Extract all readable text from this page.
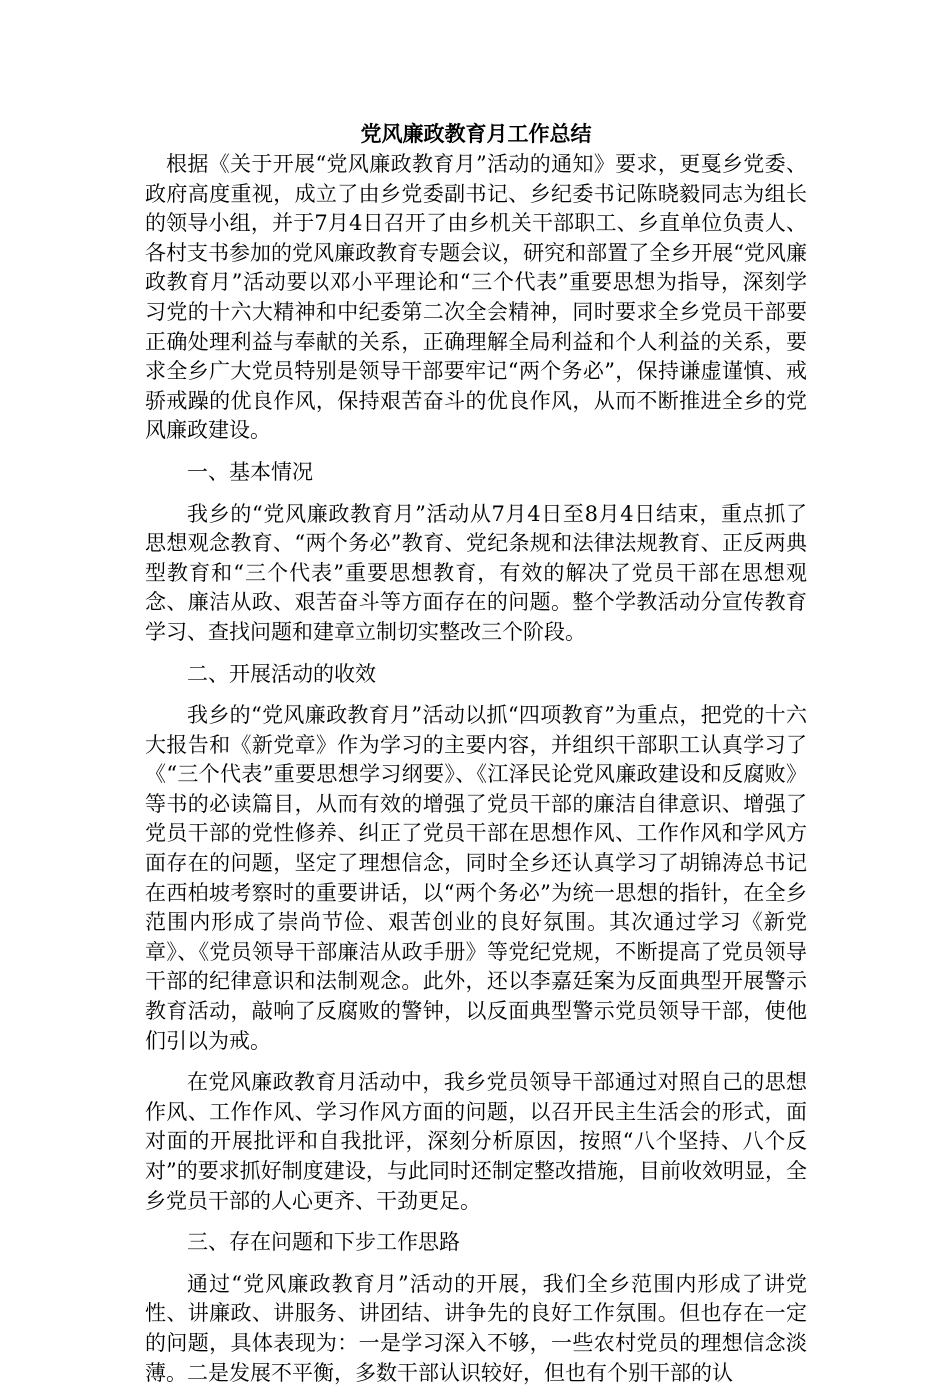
党风廉政教育月工作总结

根据《关于开展“党风廉政教育月”活动的通知》要求，更戛乡党委、政府高度重视，成立了由乡党委副书记、乡纪委书记陈晓毅同志为组长的领导小组，并于7月4日召开了由乡机关干部职工、乡直单位负责人、各村支书参加的党风廉政教育专题会议，研究和部置了全乡开展“党风廉政教育月”活动要以邓小平理论和“三个代表”重要思想为指导，深刻学习党的十六大精神和中纪委第二次全会精神，同时要求全乡党员干部要正确处理利益与奉献的关系，正确理解全局利益和个人利益的关系，要求全乡广大党员特别是领导干部要牢记“两个务必”，保持谦虚谨慎、戒骄戒躁的优良作风，保持艰苦奋斗的优良作风，从而不断推进全乡的党风廉政建设。

一、基本情况

我乡的“党风廉政教育月”活动从7月4日至8月4日结束，重点抓了思想观念教育、“两个务必”教育、党纪条规和法律法规教育、正反两典型教育和“三个代表”重要思想教育，有效的解决了党员干部在思想观念、廉洁从政、艰苦奋斗等方面存在的问题。整个学教活动分宣传教育学习、查找问题和建章立制切实整改三个阶段。

二、开展活动的收效

我乡的“党风廉政教育月”活动以抓“四项教育”为重点，把党的十六大报告和《新党章》作为学习的主要内容，并组织干部职工认真学习了《“三个代表”重要思想学习纲要》、《江泽民论党风廉政建设和反腐败》等书的必读篇目，从而有效的增强了党员干部的廉洁自律意识、增强了党员干部的党性修养、纠正了党员干部在思想作风、工作作风和学风方面存在的问题，坚定了理想信念，同时全乡还认真学习了胡锦涛总书记在西柏坡考察时的重要讲话，以“两个务必”为统一思想的指针，在全乡范围内形成了崇尚节俭、艰苦创业的良好氛围。其次通过学习《新党章》、《党员领导干部廉洁从政手册》等党纪党规，不断提高了党员领导干部的纪律意识和法制观念。此外，还以李嘉廷案为反面典型开展警示教育活动，敲响了反腐败的警钟，以反面典型警示党员领导干部，使他们引以为戒。

在党风廉政教育月活动中，我乡党员领导干部通过对照自己的思想作风、工作作风、学习作风方面的问题，以召开民主生活会的形式，面对面的开展批评和自我批评，深刻分析原因，按照“八个坚持、八个反对”的要求抓好制度建设，与此同时还制定整改措施，目前收效明显，全乡党员干部的人心更齐、干劲更足。

三、存在问题和下步工作思路

通过“党风廉政教育月”活动的开展，我们全乡范围内形成了讲党性、讲廉政、讲服务、讲团结、讲争先的良好工作氛围。但也存在一定的问题，具体表现为：一是学习深入不够，一些农村党员的理想信念淡薄。二是发展不平衡，多数干部认识较好，但也有个别干部的认
